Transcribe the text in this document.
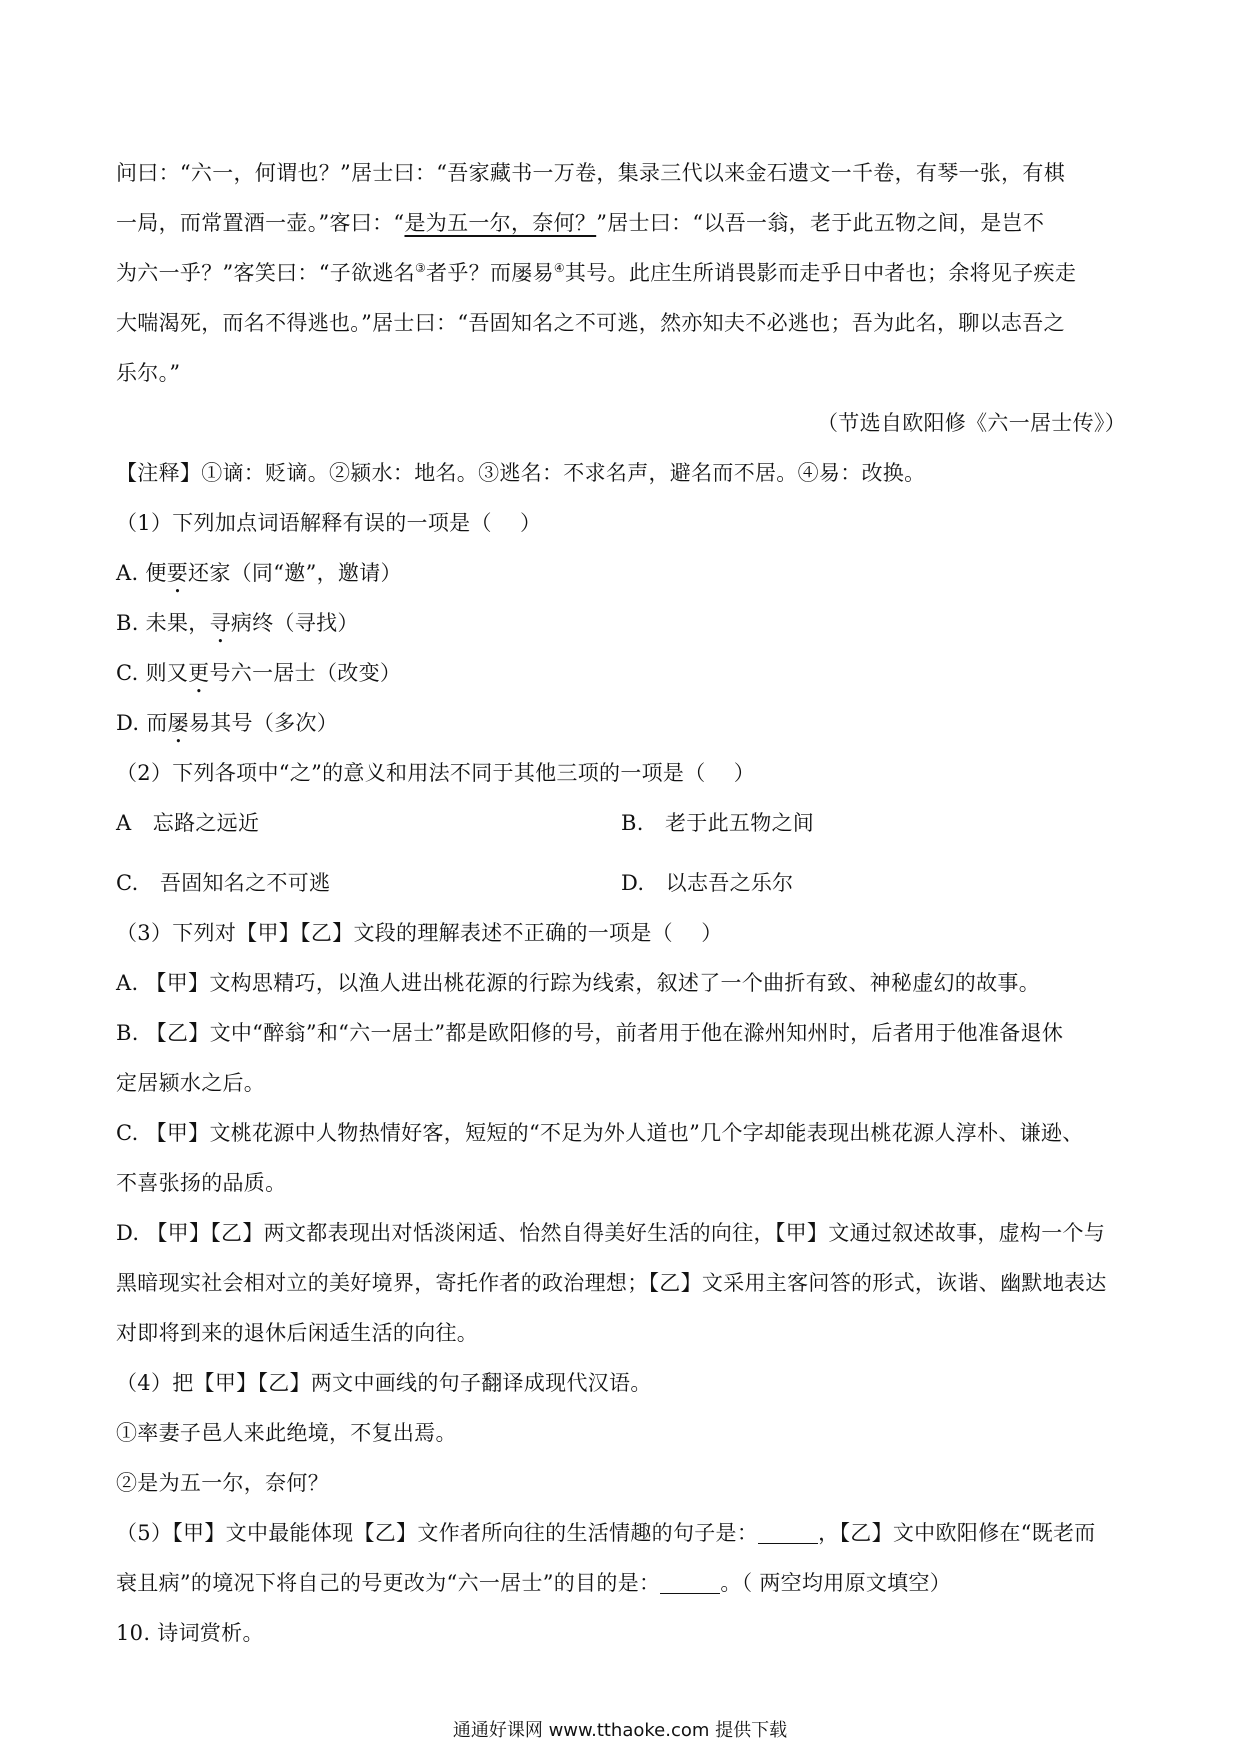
问曰：“六一，何谓也？”居士曰：“吾家藏书一万卷，集录三代以来金石遗文一千卷，有琴一张，有棋

一局，而常置酒一壶。”客曰：“是为五一尔，奈何？”居士曰：“以吾一翁，老于此五物之间，是岂不

为六一乎？”客笑曰：“子欲逃名③者乎？而屡易④其号。此庄生所诮畏影而走乎日中者也；余将见子疾走

大喘渴死，而名不得逃也。”居士曰：“吾固知名之不可逃，然亦知夫不必逃也；吾为此名，聊以志吾之

乐尔。”

（节选自欧阳修《六一居士传》）

【注释】①谪：贬谪。②颍水：地名。③逃名：不求名声，避名而不居。④易：改换。

（1）下列加点词语解释有误的一项是（　 ）

A. 便要还家（同“邀”，邀请）

B. 未果，寻病终（寻找）

C. 则又更号六一居士（改变）

D. 而屡易其号（多次）

（2）下列各项中“之”的意义和用法不同于其他三项的一项是（　 ）

A　忘路之远近	B.　老于此五物之间

C.　吾固知名之不可逃	D.　以志吾之乐尔

（3）下列对【甲】【乙】文段的理解表述不正确的一项是（　 ）

A. 【甲】文构思精巧，以渔人进出桃花源的行踪为线索，叙述了一个曲折有致、神秘虚幻的故事。

B. 【乙】文中“醉翁”和“六一居士”都是欧阳修的号，前者用于他在滁州知州时，后者用于他准备退休

定居颍水之后。

C. 【甲】文桃花源中人物热情好客，短短的“不足为外人道也”几个字却能表现出桃花源人淳朴、谦逊、

不喜张扬的品质。

D. 【甲】【乙】两文都表现出对恬淡闲适、怡然自得美好生活的向往，【甲】文通过叙述故事，虚构一个与

黑暗现实社会相对立的美好境界，寄托作者的政治理想；【乙】文采用主客问答的形式，诙谐、幽默地表达

对即将到来的退休后闲适生活的向往。

（4）把【甲】【乙】两文中画线的句子翻译成现代汉语。

①率妻子邑人来此绝境，不复出焉。

②是为五一尔，奈何？

（5）【甲】文中最能体现【乙】文作者所向往的生活情趣的句子是：	，【乙】文中欧阳修在“既老而

衰且病”的境况下将自己的号更改为“六一居士”的目的是：	。（ 两空均用原文填空）

10. 诗词赏析。

通通好课网 www.tthaoke.com 提供下载
